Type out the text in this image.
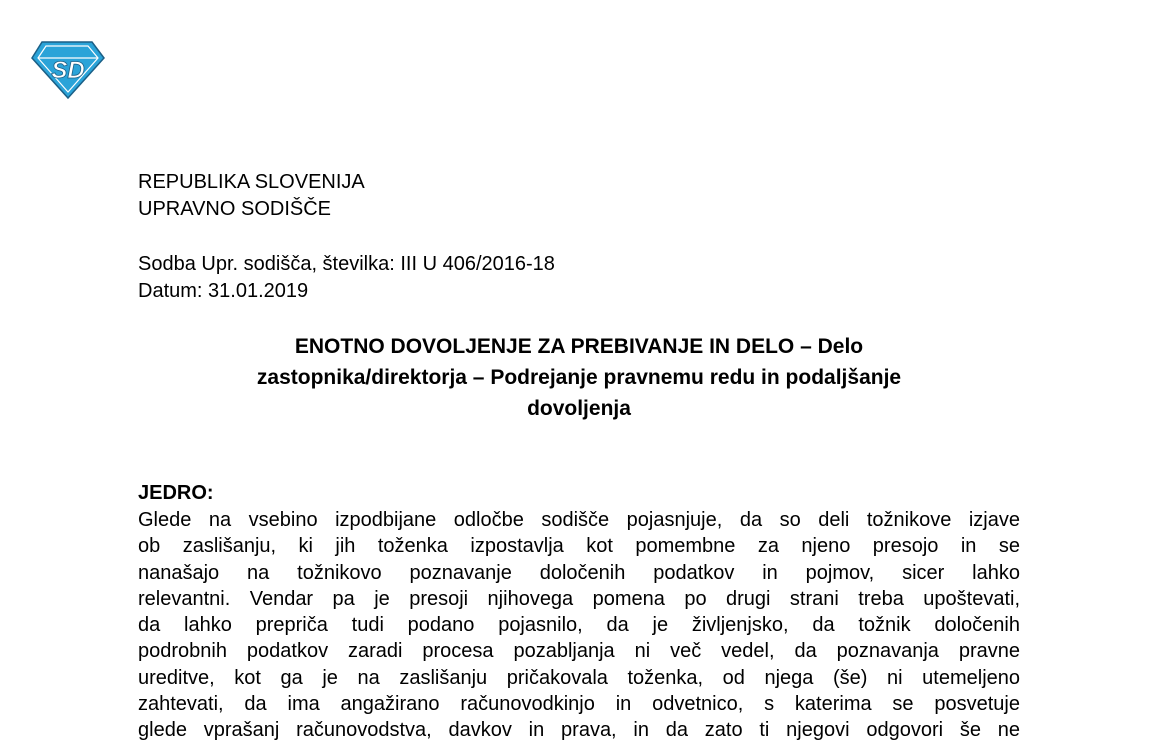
SD
REPUBLIKA SLOVENIJA
UPRAVNO SODIŠČE
Sodba Upr. sodišča, številka: III U 406/2016-18
Datum: 31.01.2019
ENOTNO DOVOLJENJE ZA PREBIVANJE IN DELO – Delo
zastopnika/direktorja – Podrejanje pravnemu redu in podaljšanje
dovoljenja
JEDRO:
Glede na vsebino izpodbijane odločbe sodišče pojasnjuje, da so deli tožnikove izjave
ob zaslišanju, ki jih toženka izpostavlja kot pomembne za njeno presojo in se
nanašajo na tožnikovo poznavanje določenih podatkov in pojmov, sicer lahko
relevantni. Vendar pa je presoji njihovega pomena po drugi strani treba upoštevati,
da lahko prepriča tudi podano pojasnilo, da je življenjsko, da tožnik določenih
podrobnih podatkov zaradi procesa pozabljanja ni več vedel, da poznavanja pravne
ureditve, kot ga je na zaslišanju pričakovala toženka, od njega (še) ni utemeljeno
zahtevati, da ima angažirano računovodkinjo in odvetnico, s katerima se posvetuje
glede vprašanj računovodstva, davkov in prava, in da zato ti njegovi odgovori še ne
